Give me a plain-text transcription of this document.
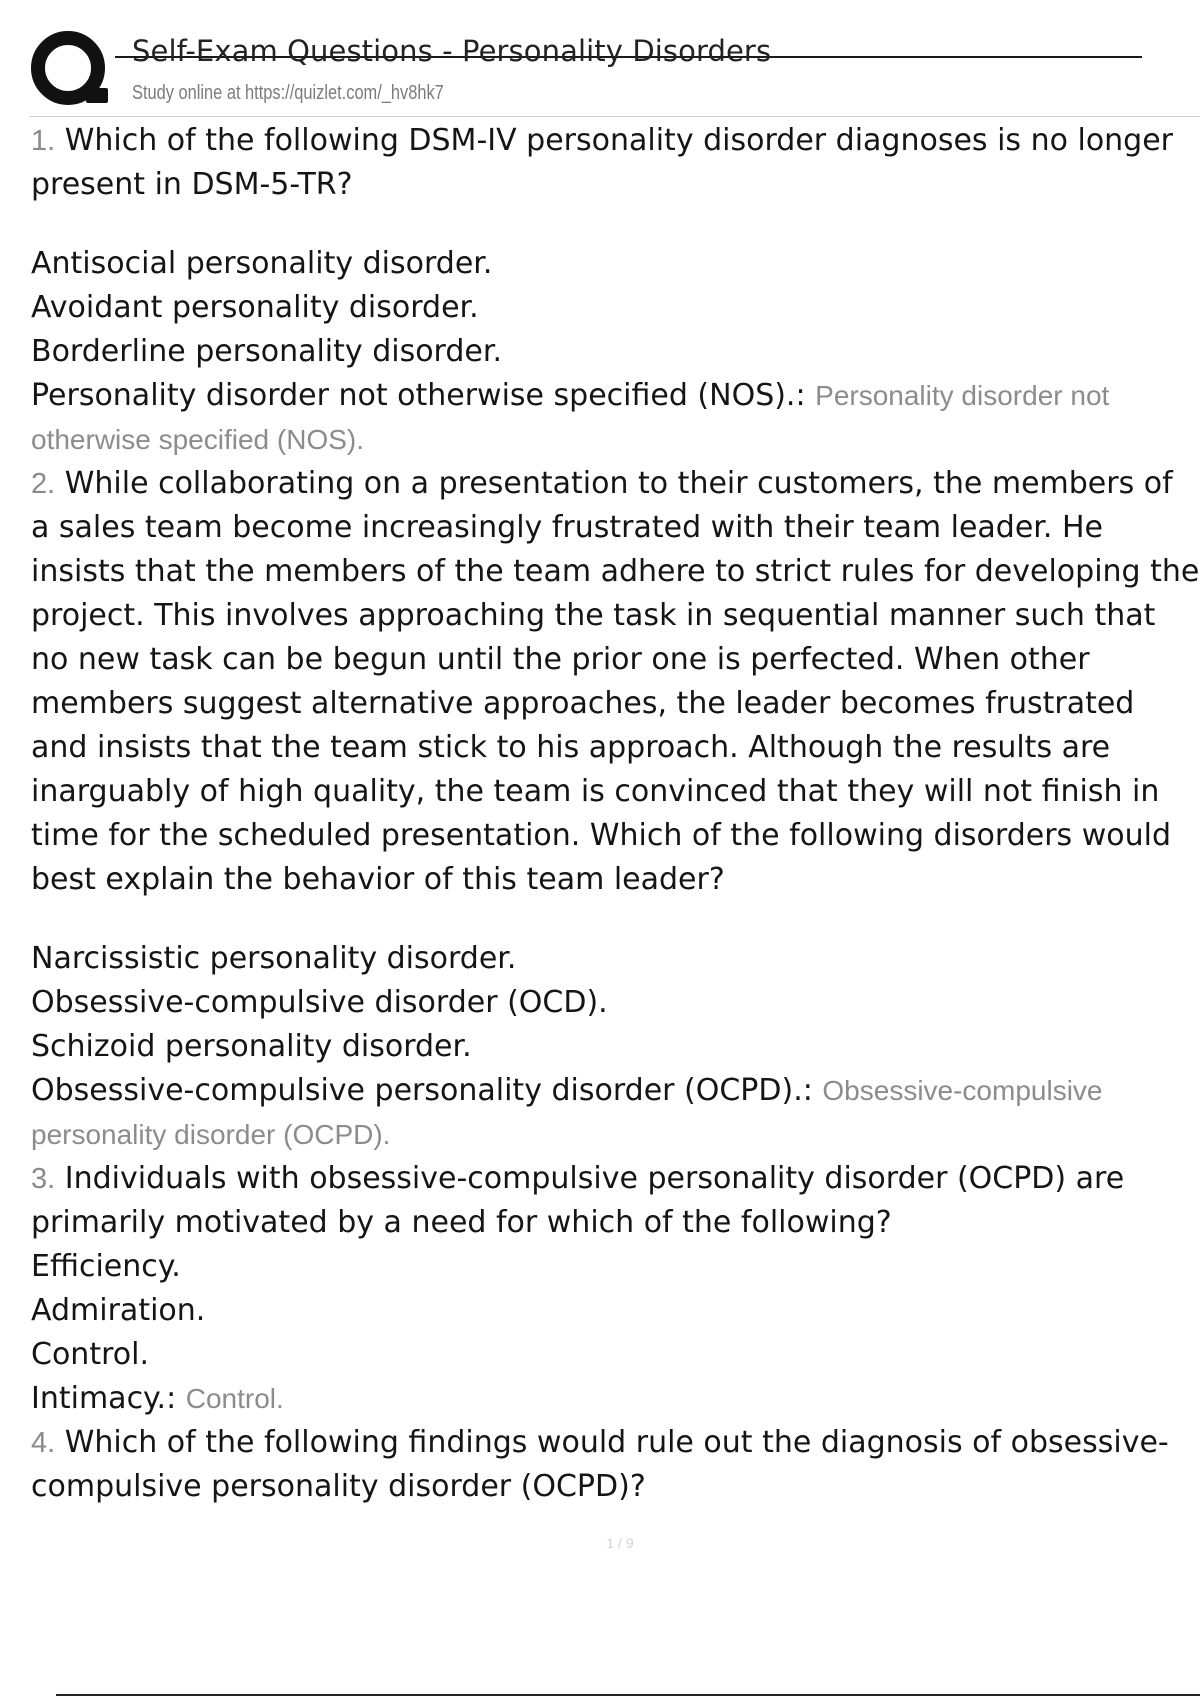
Self-Exam Questions - Personality Disorders
Study online at https://quizlet.com/_hv8hk7

1. Which of the following DSM-IV personality disorder diagnoses is no longer present in DSM-5-TR?

Antisocial personality disorder.

Avoidant personality disorder.

Borderline personality disorder.

Personality disorder not otherwise specified (NOS).: Personality disorder not otherwise specified (NOS).

2. While collaborating on a presentation to their customers, the members of a sales team become increasingly frustrated with their team leader. He insists that the members of the team adhere to strict rules for developing the project. This involves approaching the task in sequential manner such that no new task can be begun until the prior one is perfected. When other members suggest alternative approaches, the leader becomes frustrated and insists that the team stick to his approach. Although the results are inarguably of high quality, the team is convinced that they will not finish in time for the scheduled presentation. Which of the following disorders would best explain the behavior of this team leader?

Narcissistic personality disorder.

Obsessive-compulsive disorder (OCD).

Schizoid personality disorder.

Obsessive-compulsive personality disorder (OCPD).: Obsessive-compulsive personality disorder (OCPD).

3. Individuals with obsessive-compulsive personality disorder (OCPD) are primarily motivated by a need for which of the following?

Efficiency.

Admiration.

Control.

Intimacy.: Control.

4. Which of the following findings would rule out the diagnosis of obsessive-compulsive personality disorder (OCPD)?

1 / 9
